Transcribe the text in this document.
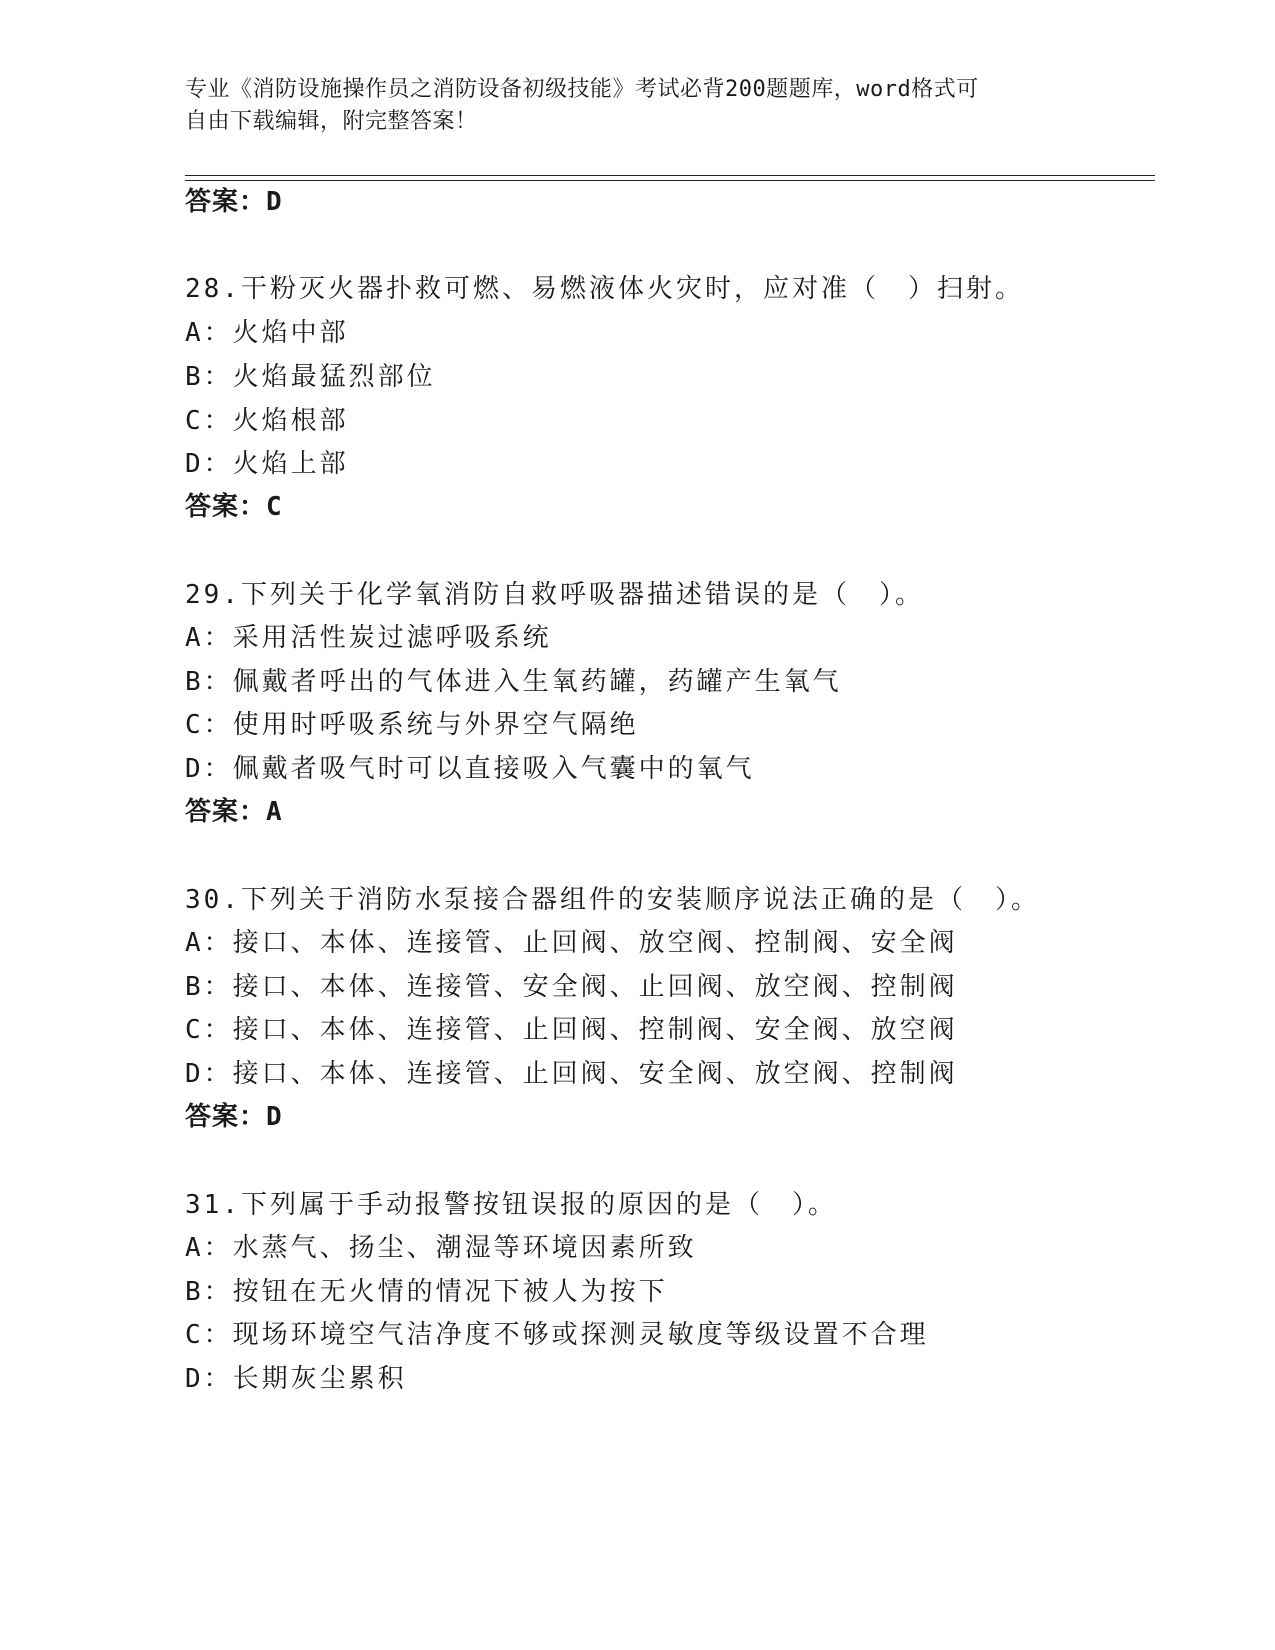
专业《消防设施操作员之消防设备初级技能》考试必背200题题库，word格式可
自由下载编辑，附完整答案！
答案：D
28.干粉灭火器扑救可燃、易燃液体火灾时，应对准（　）扫射。
A：火焰中部
B：火焰最猛烈部位
C：火焰根部
D：火焰上部
答案：C
29.下列关于化学氧消防自救呼吸器描述错误的是（　）。
A：采用活性炭过滤呼吸系统
B：佩戴者呼出的气体进入生氧药罐，药罐产生氧气
C：使用时呼吸系统与外界空气隔绝
D：佩戴者吸气时可以直接吸入气囊中的氧气
答案：A
30.下列关于消防水泵接合器组件的安装顺序说法正确的是（　）。
A：接口、本体、连接管、止回阀、放空阀、控制阀、安全阀
B：接口、本体、连接管、安全阀、止回阀、放空阀、控制阀
C：接口、本体、连接管、止回阀、控制阀、安全阀、放空阀
D：接口、本体、连接管、止回阀、安全阀、放空阀、控制阀
答案：D
31.下列属于手动报警按钮误报的原因的是（　）。
A：水蒸气、扬尘、潮湿等环境因素所致
B：按钮在无火情的情况下被人为按下
C：现场环境空气洁净度不够或探测灵敏度等级设置不合理
D：长期灰尘累积
